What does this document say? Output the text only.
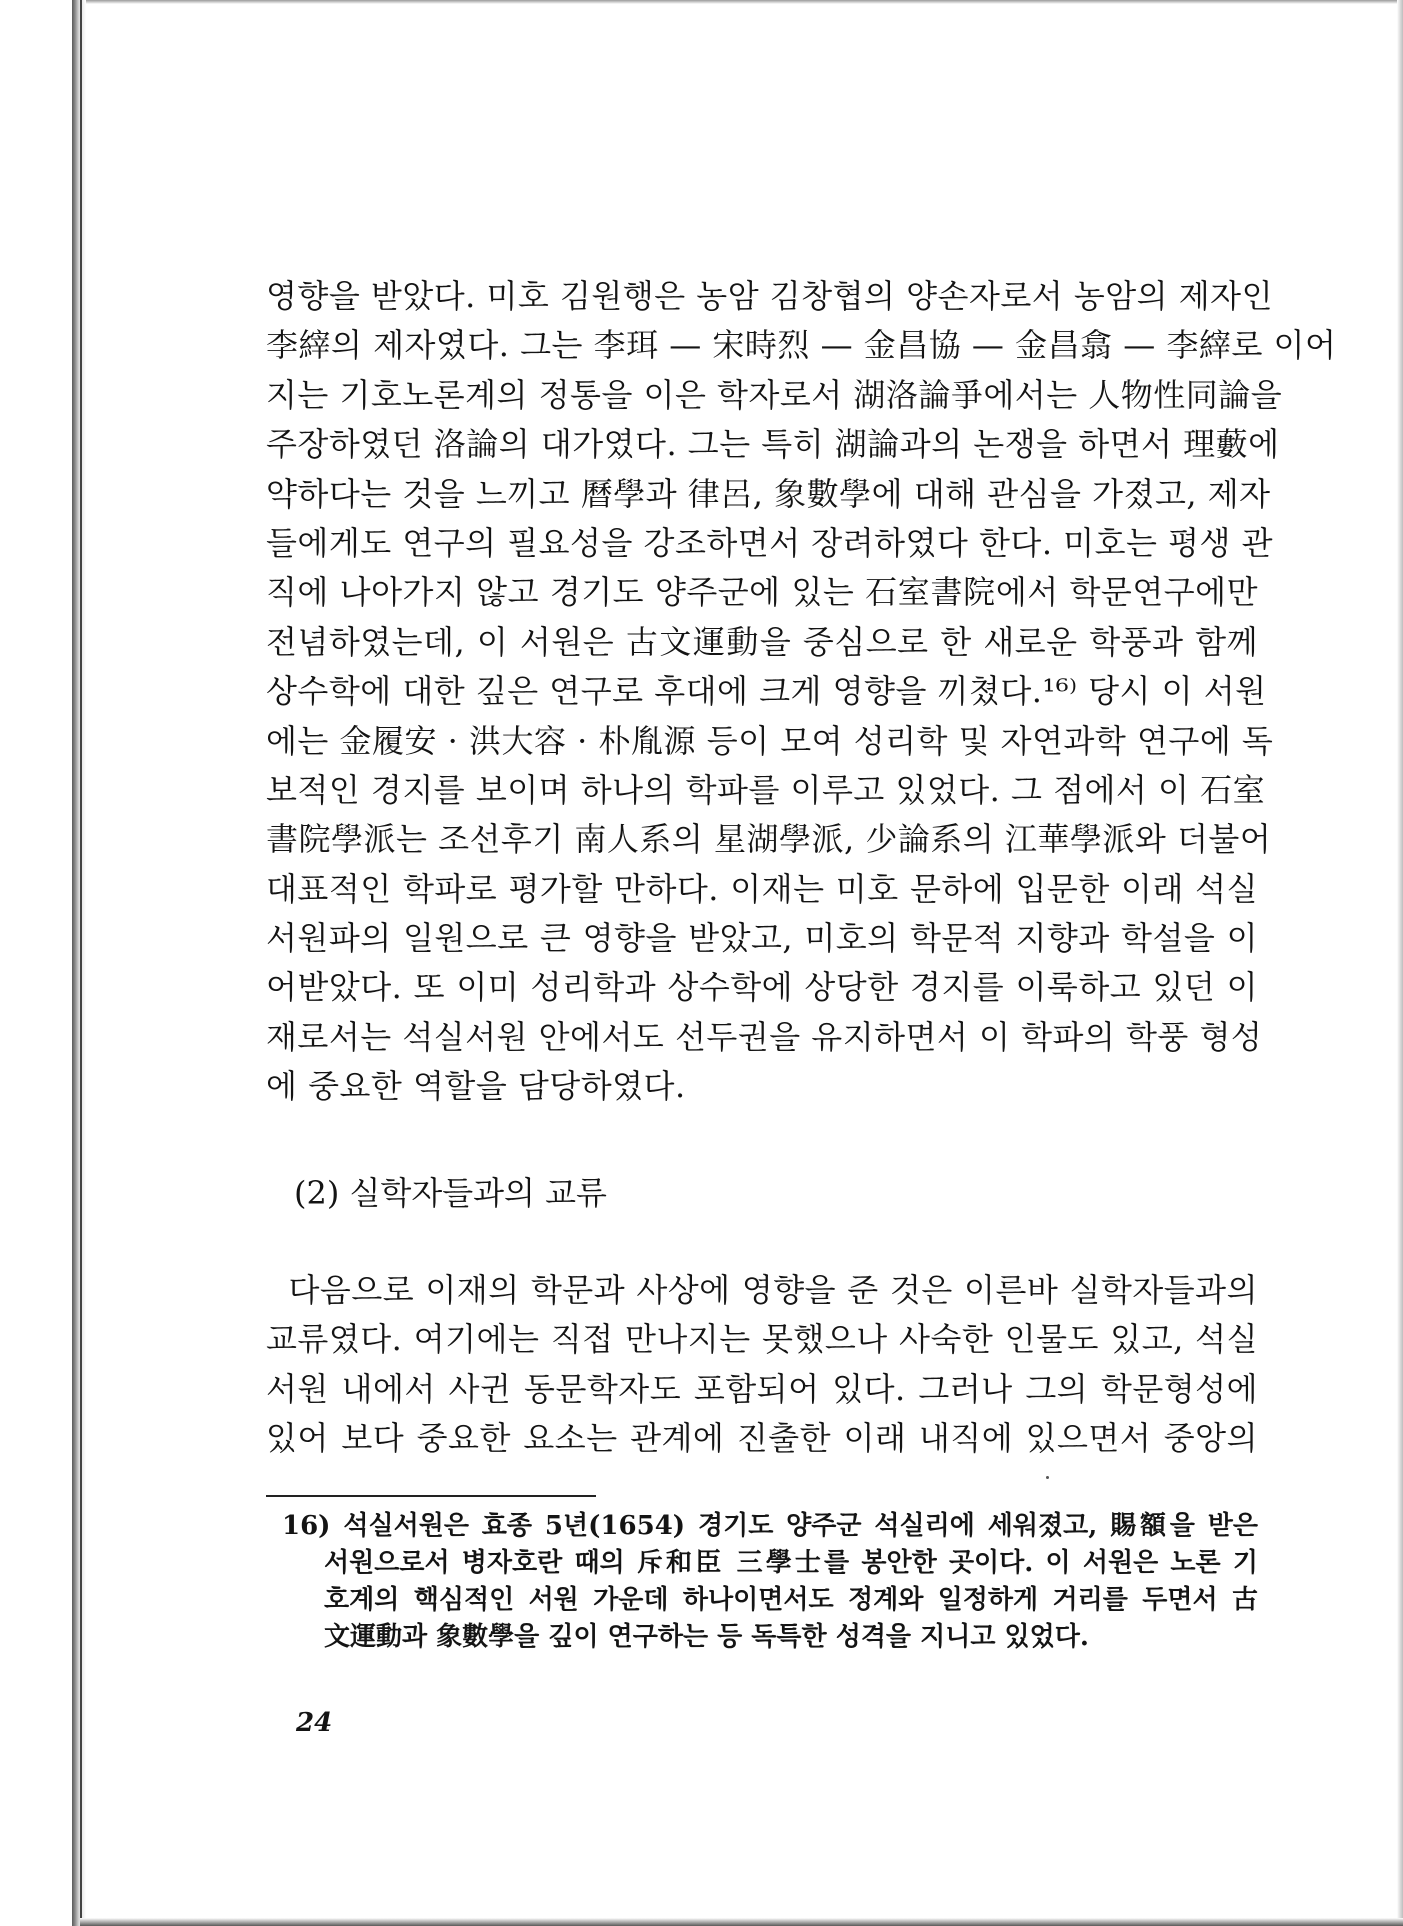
영향을 받았다. 미호 김원행은 농암 김창협의 양손자로서 농암의 제자인
李縡의 제자였다. 그는 李珥 — 宋時烈 — 金昌協 — 金昌翕 — 李縡로 이어
지는 기호노론계의 정통을 이은 학자로서 湖洛論爭에서는 人物性同論을
주장하였던 洛論의 대가였다. 그는 특히 湖論과의 논쟁을 하면서 理藪에
약하다는 것을 느끼고 曆學과 律呂, 象數學에 대해 관심을 가졌고, 제자
들에게도 연구의 필요성을 강조하면서 장려하였다 한다. 미호는 평생 관
직에 나아가지 않고 경기도 양주군에 있는 石室書院에서 학문연구에만
전념하였는데, 이 서원은 古文運動을 중심으로 한 새로운 학풍과 함께
상수학에 대한 깊은 연구로 후대에 크게 영향을 끼쳤다.¹⁶⁾ 당시 이 서원
에는 金履安 · 洪大容 · 朴胤源 등이 모여 성리학 및 자연과학 연구에 독
보적인 경지를 보이며 하나의 학파를 이루고 있었다. 그 점에서 이 石室
書院學派는 조선후기 南人系의 星湖學派, 少論系의 江華學派와 더불어
대표적인 학파로 평가할 만하다. 이재는 미호 문하에 입문한 이래 석실
서원파의 일원으로 큰 영향을 받았고, 미호의 학문적 지향과 학설을 이
어받았다. 또 이미 성리학과 상수학에 상당한 경지를 이룩하고 있던 이
재로서는 석실서원 안에서도 선두권을 유지하면서 이 학파의 학풍 형성
에 중요한 역할을 담당하였다.
(2) 실학자들과의 교류
다음으로 이재의 학문과 사상에 영향을 준 것은 이른바 실학자들과의
교류였다. 여기에는 직접 만나지는 못했으나 사숙한 인물도 있고, 석실
서원 내에서 사귄 동문학자도 포함되어 있다. 그러나 그의 학문형성에
있어 보다 중요한 요소는 관계에 진출한 이래 내직에 있으면서 중앙의
16) 석실서원은 효종 5년(1654) 경기도 양주군 석실리에 세워졌고, 賜額을 받은
서원으로서 병자호란 때의 斥和臣 三學士를 봉안한 곳이다. 이 서원은 노론 기
호계의 핵심적인 서원 가운데 하나이면서도 정계와 일정하게 거리를 두면서 古
文運動과 象數學을 깊이 연구하는 등 독특한 성격을 지니고 있었다.
24
